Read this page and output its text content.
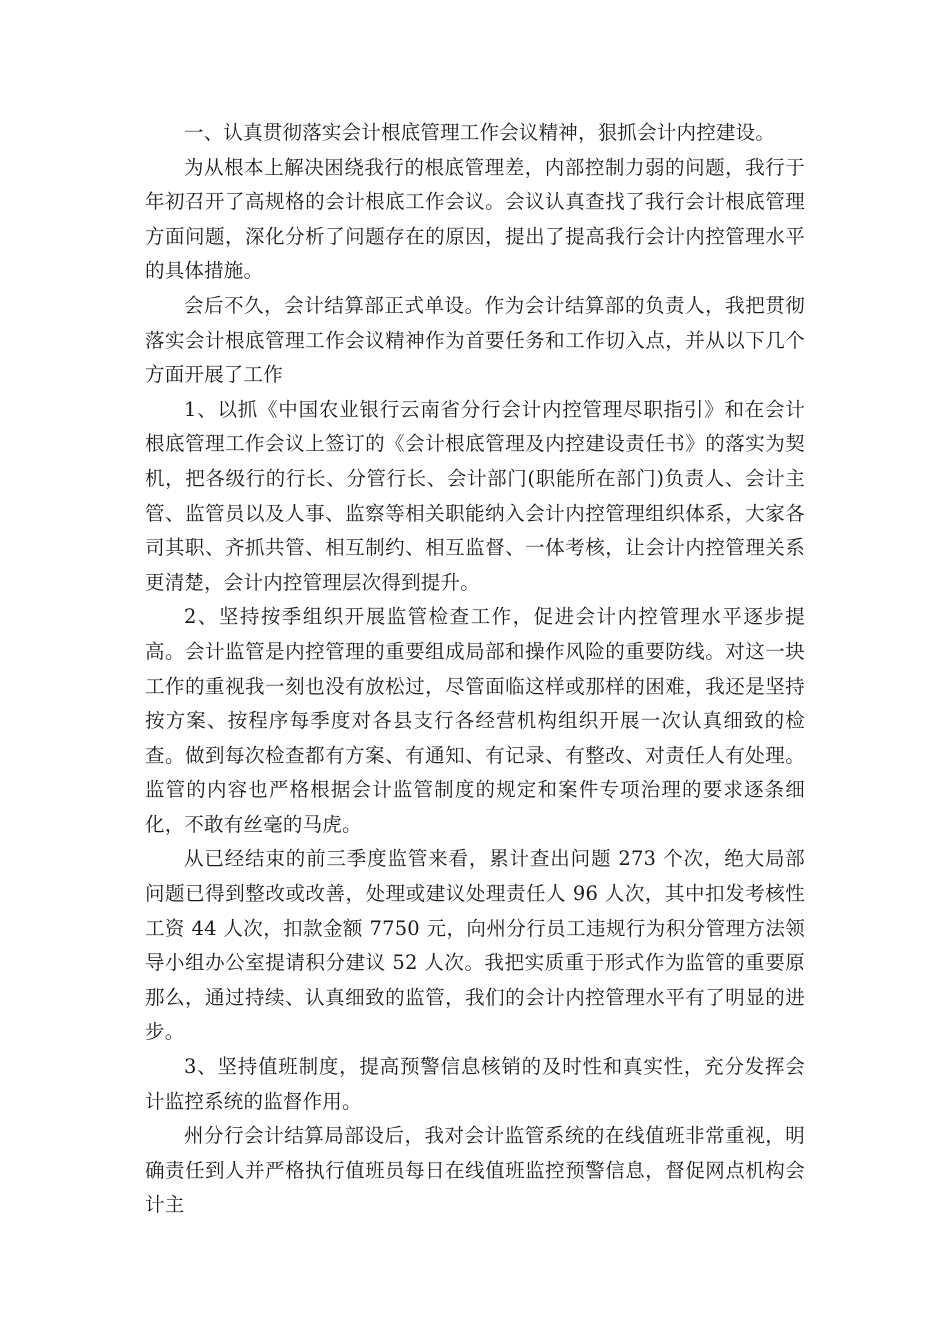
一、认真贯彻落实会计根底管理工作会议精神，狠抓会计内控建设。

为从根本上解决困绕我行的根底管理差，内部控制力弱的问题，我行于年初召开了高规格的会计根底工作会议。会议认真查找了我行会计根底管理方面问题，深化分析了问题存在的原因，提出了提高我行会计内控管理水平的具体措施。

会后不久，会计结算部正式单设。作为会计结算部的负责人，我把贯彻落实会计根底管理工作会议精神作为首要任务和工作切入点，并从以下几个方面开展了工作

1、以抓《中国农业银行云南省分行会计内控管理尽职指引》和在会计根底管理工作会议上签订的《会计根底管理及内控建设责任书》的落实为契机，把各级行的行长、分管行长、会计部门(职能所在部门)负责人、会计主管、监管员以及人事、监察等相关职能纳入会计内控管理组织体系，大家各司其职、齐抓共管、相互制约、相互监督、一体考核，让会计内控管理关系更清楚，会计内控管理层次得到提升。

2、坚持按季组织开展监管检查工作，促进会计内控管理水平逐步提高。会计监管是内控管理的重要组成局部和操作风险的重要防线。对这一块工作的重视我一刻也没有放松过，尽管面临这样或那样的困难，我还是坚持按方案、按程序每季度对各县支行各经营机构组织开展一次认真细致的检查。做到每次检查都有方案、有通知、有记录、有整改、对责任人有处理。监管的内容也严格根据会计监管制度的规定和案件专项治理的要求逐条细化，不敢有丝毫的马虎。

从已经结束的前三季度监管来看，累计查出问题 273 个次，绝大局部问题已得到整改或改善，处理或建议处理责任人 96 人次，其中扣发考核性工资 44 人次，扣款金额 7750 元，向州分行员工违规行为积分管理方法领导小组办公室提请积分建议 52 人次。我把实质重于形式作为监管的重要原那么，通过持续、认真细致的监管，我们的会计内控管理水平有了明显的进步。

3、坚持值班制度，提高预警信息核销的及时性和真实性，充分发挥会计监控系统的监督作用。

州分行会计结算局部设后，我对会计监管系统的在线值班非常重视，明确责任到人并严格执行值班员每日在线值班监控预警信息，督促网点机构会计主
